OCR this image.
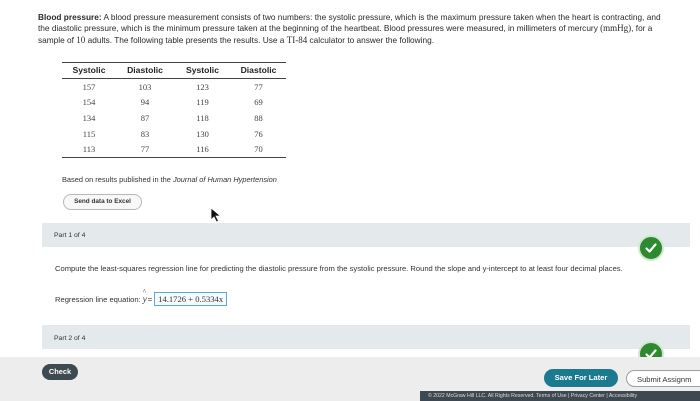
Blood pressure: A blood pressure measurement consists of two numbers: the systolic pressure, which is the maximum pressure taken when the heart is contracting, and the diastolic pressure, which is the minimum pressure taken at the beginning of the heartbeat. Blood pressures were measured, in millimeters of mercury (mmHg), for a sample of 10 adults. The following table presents the results. Use a TI-84 calculator to answer the following.
Systolic	Diastolic	Systolic	Diastolic
157	103	123	77
154	94	119	69
134	87	118	88
115	83	130	76
113	77	116	70
Based on results published in the Journal of Human Hypertension
Send data to Excel
Part 1 of 4
Compute the least-squares regression line for predicting the diastolic pressure from the systolic pressure. Round the slope and y-intercept to at least four decimal places.
Regression line equation:
^
y = 14.1726 + 0.5334x
Part 2 of 4
Check
Save For Later	Submit Assignm
© 2022 McGraw Hill LLC. All Rights Reserved. Terms of Use | Privacy Center | Accessibility
